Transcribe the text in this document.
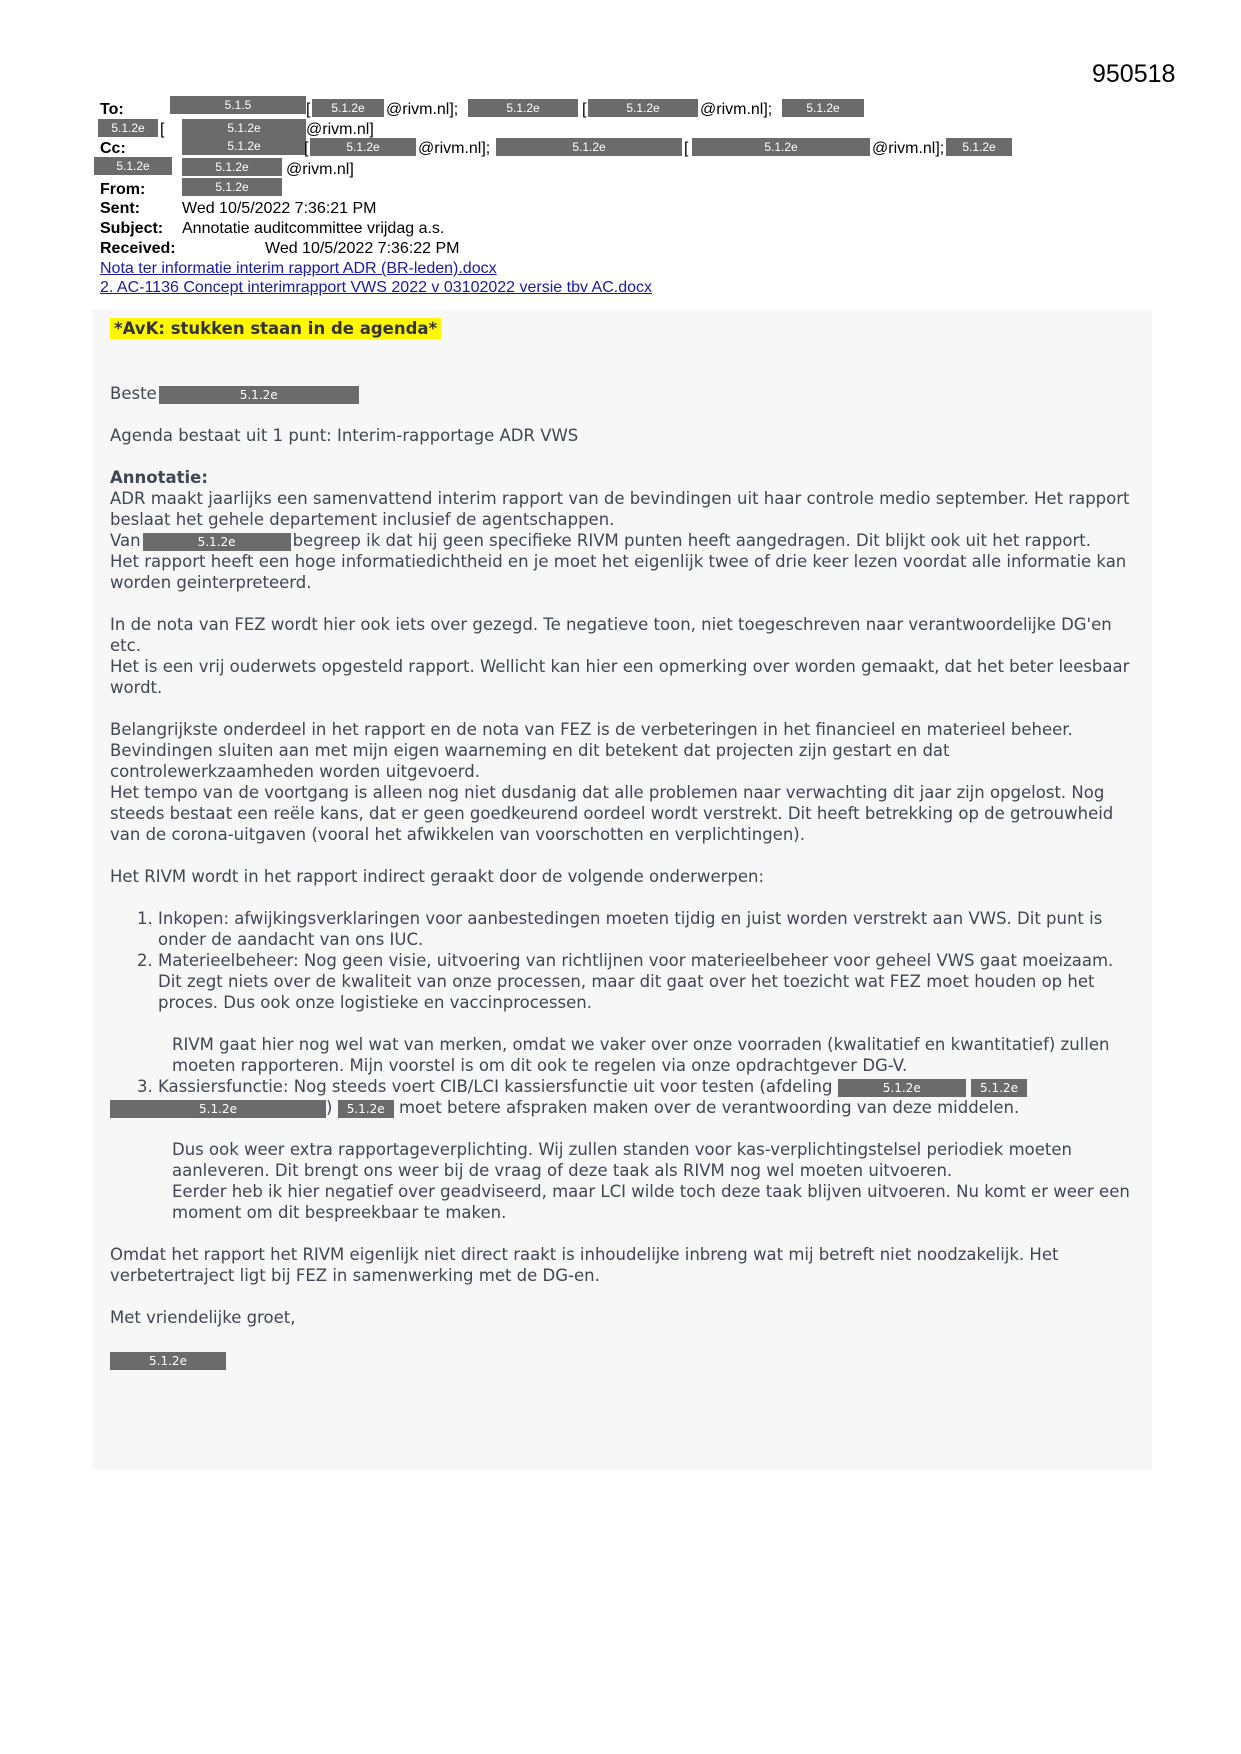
950518
To:	5.1.5	[	5.1.2e	@rivm.nl];	5.1.2e	[	5.1.2e	@rivm.nl];	5.1.2e
5.1.2e [	5.1.2e	@rivm.nl]
Cc:	5.1.2e	[	5.1.2e	@rivm.nl];	5.1.2e	[	5.1.2e	@rivm.nl];	5.1.2e
5.1.2e	5.1.2e	@rivm.nl]
From:	5.1.2e
Sent:	Wed 10/5/2022 7:36:21 PM
Subject: Annotatie auditcommittee vrijdag a.s.
Received:	Wed 10/5/2022 7:36:22 PM
Nota ter informatie interim rapport ADR (BR-leden).docx
2. AC-1136 Concept interimrapport VWS 2022 v 03102022 versie tbv AC.docx
*AvK: stukken staan in de agenda*
Beste	5.1.2e
Agenda bestaat uit 1 punt: Interim-rapportage ADR VWS
Annotatie:
ADR maakt jaarlijks een samenvattend interim rapport van de bevindingen uit haar controle medio september. Het rapport beslaat het gehele departement inclusief de agentschappen.
Van	5.1.2e	begreep ik dat hij geen specifieke RIVM punten heeft aangedragen. Dit blijkt ook uit het rapport.
Het rapport heeft een hoge informatiedichtheid en je moet het eigenlijk twee of drie keer lezen voordat alle informatie kan worden geinterpreteerd.
In de nota van FEZ wordt hier ook iets over gezegd. Te negatieve toon, niet toegeschreven naar verantwoordelijke DG'en etc.
Het is een vrij ouderwets opgesteld rapport. Wellicht kan hier een opmerking over worden gemaakt, dat het beter leesbaar wordt.
Belangrijkste onderdeel in het rapport en de nota van FEZ is de verbeteringen in het financieel en materieel beheer. Bevindingen sluiten aan met mijn eigen waarneming en dit betekent dat projecten zijn gestart en dat controlewerkzaamheden worden uitgevoerd.
Het tempo van de voortgang is alleen nog niet dusdanig dat alle problemen naar verwachting dit jaar zijn opgelost. Nog steeds bestaat een reële kans, dat er geen goedkeurend oordeel wordt verstrekt. Dit heeft betrekking op de getrouwheid van de corona-uitgaven (vooral het afwikkelen van voorschotten en verplichtingen).
Het RIVM wordt in het rapport indirect geraakt door de volgende onderwerpen:
1. Inkopen: afwijkingsverklaringen voor aanbestedingen moeten tijdig en juist worden verstrekt aan VWS. Dit punt is onder de aandacht van ons IUC.
2. Materieelbeheer: Nog geen visie, uitvoering van richtlijnen voor materieelbeheer voor geheel VWS gaat moeizaam. Dit zegt niets over de kwaliteit van onze processen, maar dit gaat over het toezicht wat FEZ moet houden op het proces. Dus ook onze logistieke en vaccinprocessen.
RIVM gaat hier nog wel wat van merken, omdat we vaker over onze voorraden (kwalitatief en kwantitatief) zullen moeten rapporteren. Mijn voorstel is om dit ook te regelen via onze opdrachtgever DG-V.
3. Kassiersfunctie: Nog steeds voert CIB/LCI kassiersfunctie uit voor testen (afdeling	5.1.2e	5.1.2e
5.1.2e	) 5.1.2e moet betere afspraken maken over de verantwoording van deze middelen.
Dus ook weer extra rapportageverplichting. Wij zullen standen voor kas-verplichtingstelsel periodiek moeten aanleveren. Dit brengt ons weer bij de vraag of deze taak als RIVM nog wel moeten uitvoeren.
Eerder heb ik hier negatief over geadviseerd, maar LCI wilde toch deze taak blijven uitvoeren. Nu komt er weer een moment om dit bespreekbaar te maken.
Omdat het rapport het RIVM eigenlijk niet direct raakt is inhoudelijke inbreng wat mij betreft niet noodzakelijk. Het verbetertraject ligt bij FEZ in samenwerking met de DG-en.
Met vriendelijke groet,
5.1.2e
